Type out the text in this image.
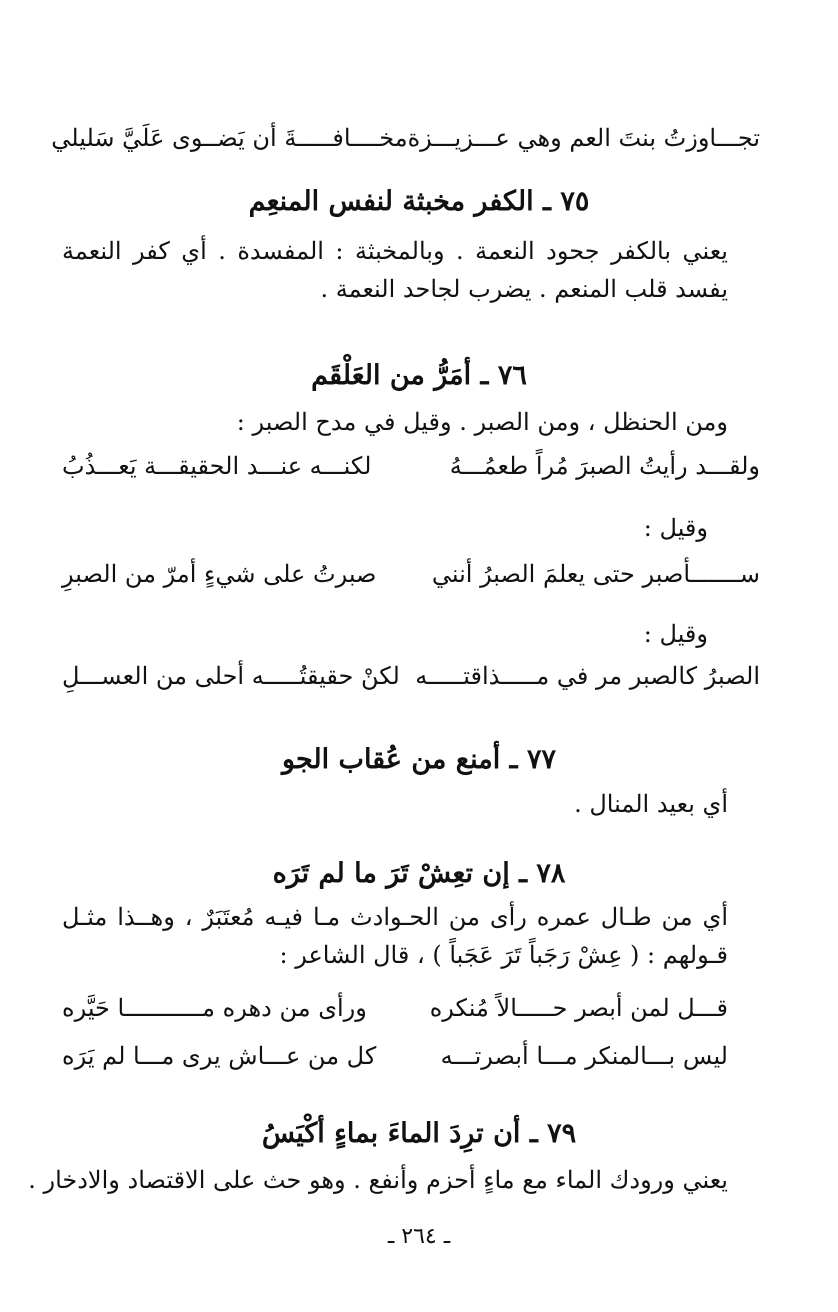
تجـــاوزتُ بنتَ العم وهي عـــزيـــزة
مخــــافـــــةَ أن يَضــوى عَلَيَّ سَليلي
٧٥ ـ الكفر مخبثة لنفس المنعِم
يعني بالكفر جحود النعمة . وبالمخبثة : المفسدة . أي كفر النعمة يفسد قلب المنعم . يضرب لجاحد النعمة .
٧٦ ـ أمَرُّ من العَلْقَم
ومن الحنظل ، ومن الصبر . وقيل في مدح الصبر :
ولقـــد رأيتُ الصبرَ مُراً طعمُـــهُ
لكنـــه عنـــد الحقيقـــة يَعـــذُبُ
وقيل :
ســـــــأصبر حتى يعلمَ الصبرُ أنني
صبرتُ على شيءٍ أمرّ من الصبرِ
وقيل :
الصبرُ كالصبر مر في مـــــذاقتـــــه
لكنْ حقيقتُـــــه أحلى من العســـلِ
٧٧ ـ أمنع من عُقاب الجو
أي بعيد المنال .
٧٨ ـ إن تعِشْ تَرَ ما لم تَرَه
أي من طـال عمره رأى من الحـوادث مـا فيـه مُعتَبَرٌ ، وهــذا مثـل قـولهم : ( عِشْ رَجَباً تَرَ عَجَباً ) ، قال الشاعر :
قـــل لمن أبصر حـــــالاً مُنكره
ورأى من دهره مـــــــــــا حَيَّره
ليس بـــالمنكر مـــا أبصرتـــه
كل من عـــاش يرى مـــا لم يَرَه
٧٩ ـ أن ترِدَ الماءَ بماءٍ أكْيَسُ
يعني ورودك الماء مع ماءٍ أحزم وأنفع . وهو حث على الاقتصاد والادخار .
ـ ٢٦٤ ـ
